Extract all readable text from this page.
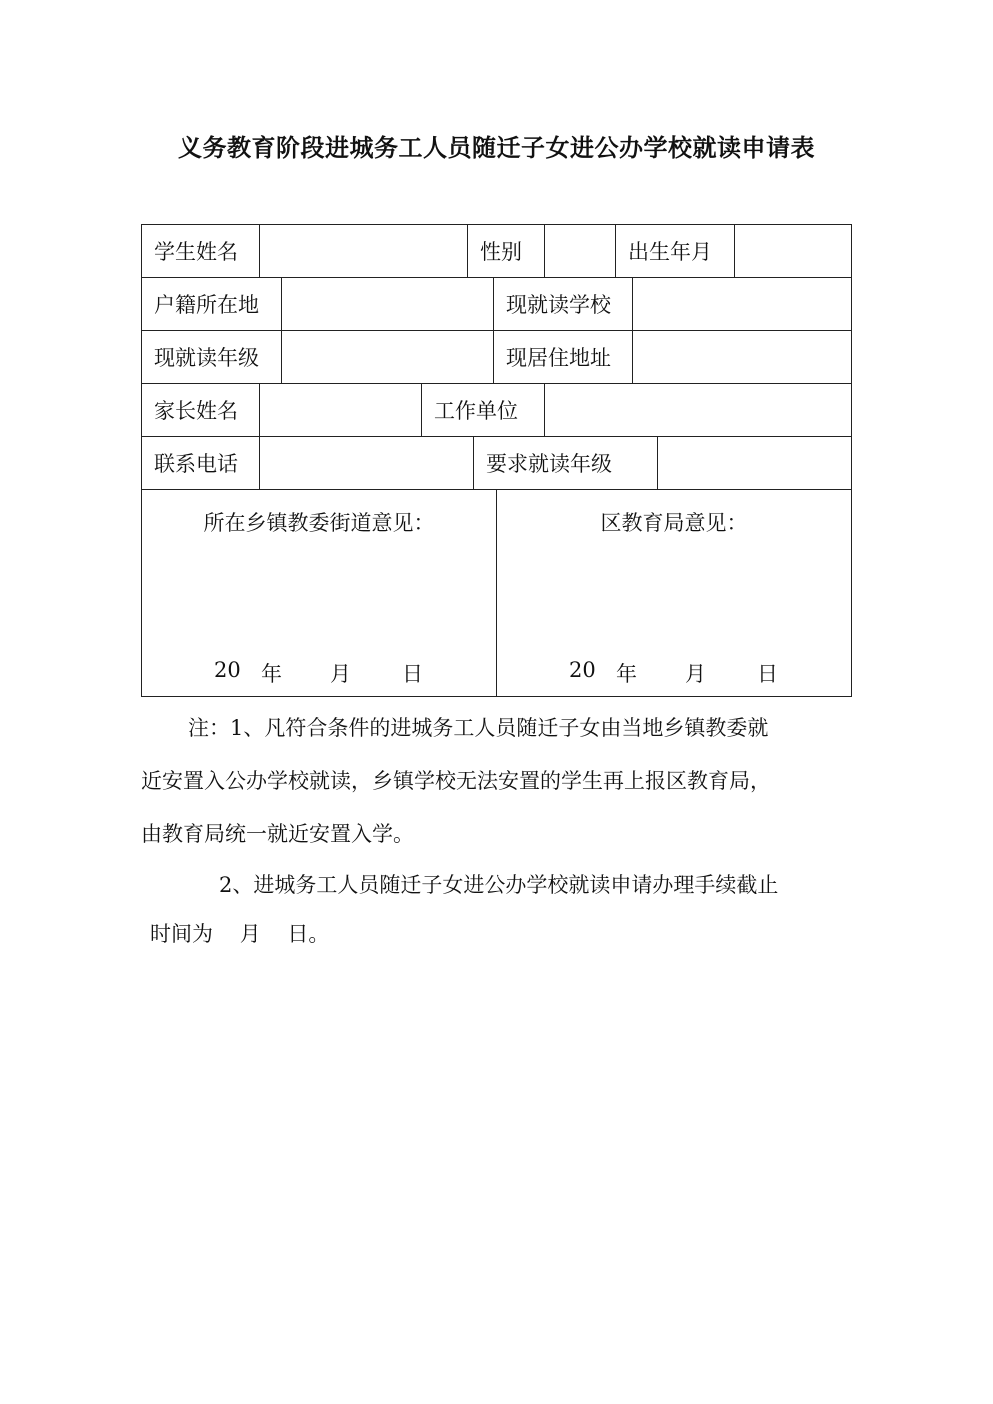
义务教育阶段进城务工人员随迁子女进公办学校就读申请表
学生姓名	性别	出生年月
户籍所在地	现就读学校
现就读年级	现居住地址
家长姓名	工作单位
联系电话	要求就读年级
所在乡镇教委街道意见：
20 年 月 日
区教育局意见：
20 年 月 日

注：1、凡符合条件的进城务工人员随迁子女由当地乡镇教委就

近安置入公办学校就读，乡镇学校无法安置的学生再上报区教育局，

由教育局统一就近安置入学。

2、进城务工人员随迁子女进公办学校就读申请办理手续截止

时间为    月    日。
